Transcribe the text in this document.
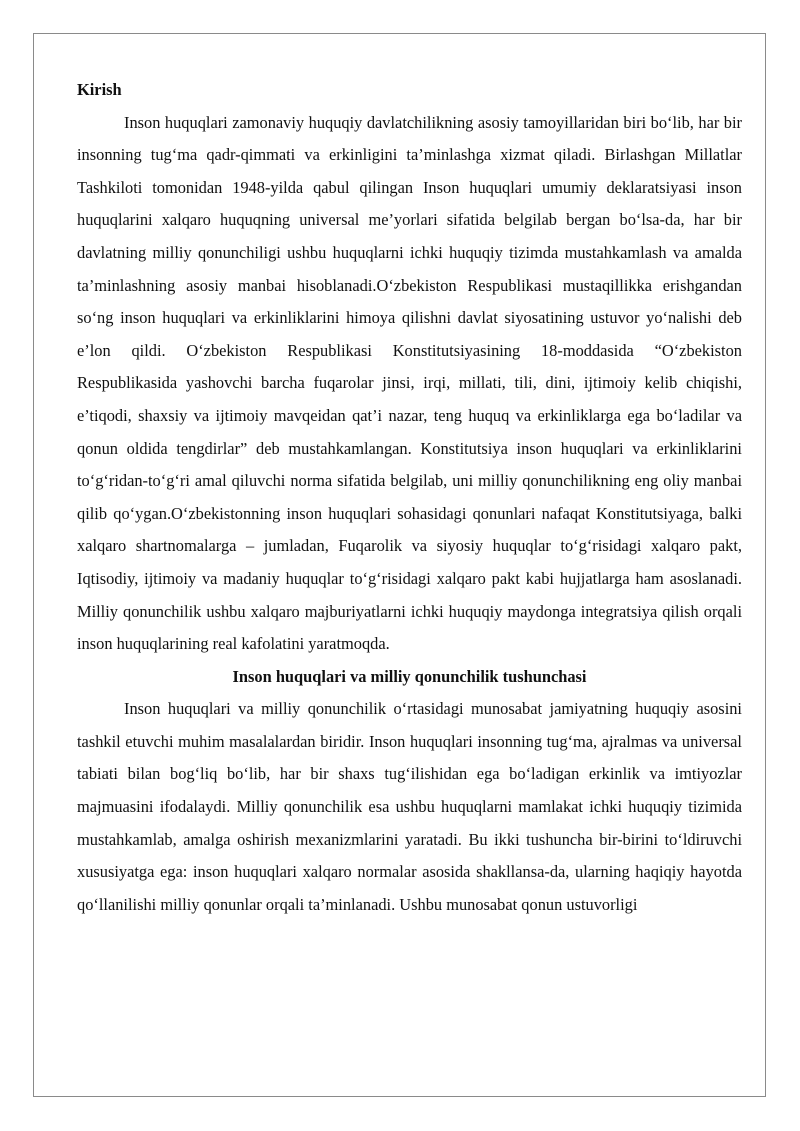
Kirish

Inson huquqlari zamonaviy huquqiy davlatchilikning asosiy tamoyillaridan biri bo‘lib, har bir insonning tug‘ma qadr-qimmati va erkinligini ta’minlashga xizmat qiladi. Birlashgan Millatlar Tashkiloti tomonidan 1948-yilda qabul qilingan Inson huquqlari umumiy deklaratsiyasi inson huquqlarini xalqaro huquqning universal me’yorlari sifatida belgilab bergan bo‘lsa-da, har bir davlatning milliy qonunchiligi ushbu huquqlarni ichki huquqiy tizimda mustahkamlash va amalda ta’minlashning asosiy manbai hisoblanadi.O‘zbekiston Respublikasi mustaqillikka erishgandan so‘ng inson huquqlari va erkinliklarini himoya qilishni davlat siyosatining ustuvor yo‘nalishi deb e’lon qildi. O‘zbekiston Respublikasi Konstitutsiyasining 18-moddasida “O‘zbekiston Respublikasida yashovchi barcha fuqarolar jinsi, irqi, millati, tili, dini, ijtimoiy kelib chiqishi, e’tiqodi, shaxsiy va ijtimoiy mavqeidan qat’i nazar, teng huquq va erkinliklarga ega bo‘ladilar va qonun oldida tengdirlar” deb mustahkamlangan. Konstitutsiya inson huquqlari va erkinliklarini to‘g‘ridan-to‘g‘ri amal qiluvchi norma sifatida belgilab, uni milliy qonunchilikning eng oliy manbai qilib qo‘ygan.O‘zbekistonning inson huquqlari sohasidagi qonunlari nafaqat Konstitutsiyaga, balki xalqaro shartnomalarga – jumladan, Fuqarolik va siyosiy huquqlar to‘g‘risidagi xalqaro pakt, Iqtisodiy, ijtimoiy va madaniy huquqlar to‘g‘risidagi xalqaro pakt kabi hujjatlarga ham asoslanadi. Milliy qonunchilik ushbu xalqaro majburiyatlarni ichki huquqiy maydonga integratsiya qilish orqali inson huquqlarining real kafolatini yaratmoqda.

Inson huquqlari va milliy qonunchilik tushunchasi

Inson huquqlari va milliy qonunchilik o‘rtasidagi munosabat jamiyatning huquqiy asosini tashkil etuvchi muhim masalalardan biridir. Inson huquqlari insonning tug‘ma, ajralmas va universal tabiati bilan bog‘liq bo‘lib, har bir shaxs tug‘ilishidan ega bo‘ladigan erkinlik va imtiyozlar majmuasini ifodalaydi. Milliy qonunchilik esa ushbu huquqlarni mamlakat ichki huquqiy tizimida mustahkamlab, amalga oshirish mexanizmlarini yaratadi. Bu ikki tushuncha bir-birini to‘ldiruvchi xususiyatga ega: inson huquqlari xalqaro normalar asosida shakllansa-da, ularning haqiqiy hayotda qo‘llanilishi milliy qonunlar orqali ta’minlanadi. Ushbu munosabat qonun ustuvorligi
